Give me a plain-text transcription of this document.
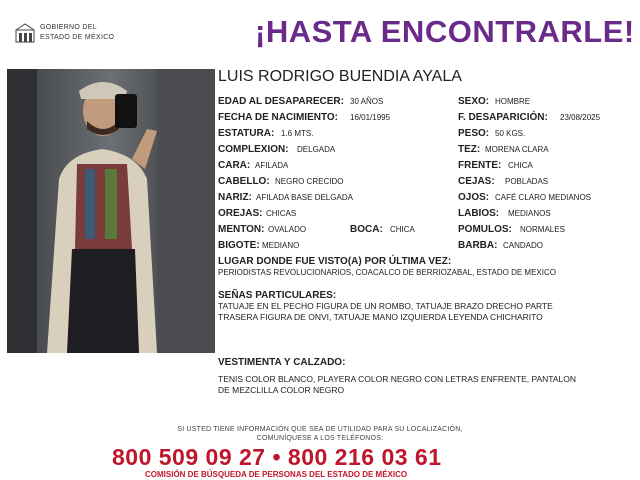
GOBIERNO DEL
ESTADO DE MÉXICO	¡HASTA ENCONTRARLE!
LUIS RODRIGO BUENDIA AYALA
EDAD AL DESAPARECER: 30 AÑOS
FECHA DE NACIMIENTO: 16/01/1995
ESTATURA: 1.6 MTS.
COMPLEXION: DELGADA
CARA: AFILADA
CABELLO: NEGRO CRECIDO
NARIZ: AFILADA BASE DELGADA
OREJAS: CHICAS
MENTON: OVALADO	BOCA: CHICA
BIGOTE: MEDIANO
SEXO: HOMBRE
F. DESAPARICIÓN: 23/08/2025
PESO: 50 KGS.
TEZ: MORENA CLARA
FRENTE: CHICA
CEJAS: POBLADAS
OJOS: CAFÉ CLARO MEDIANOS
LABIOS: MEDIANOS
POMULOS: NORMALES
BARBA: CANDADO
LUGAR DONDE FUE VISTO(A) POR ÚLTIMA VEZ:
PERIODISTAS REVOLUCIONARIOS, COACALCO DE BERRIOZABAL, ESTADO DE MEXICO
SEÑAS PARTICULARES:
TATUAJE EN EL PECHO FIGURA DE UN ROMBO, TATUAJE BRAZO DRECHO PARTE
TRASERA FIGURA DE ONVI, TATUAJE MANO IZQUIERDA LEYENDA CHICHARITO
VESTIMENTA Y CALZADO:
TENIS COLOR BLANCO, PLAYERA COLOR NEGRO CON LETRAS ENFRENTE, PANTALON
DE MEZCLILLA COLOR NEGRO
SI USTED TIENE INFORMACIÓN QUE SEA DE UTILIDAD PARA SU LOCALIZACIÓN,
COMUNÍQUESE A LOS TELÉFONOS:
800 509 09 27 • 800 216 03 61
COMISIÓN DE BÚSQUEDA DE PERSONAS DEL ESTADO DE MÉXICO
